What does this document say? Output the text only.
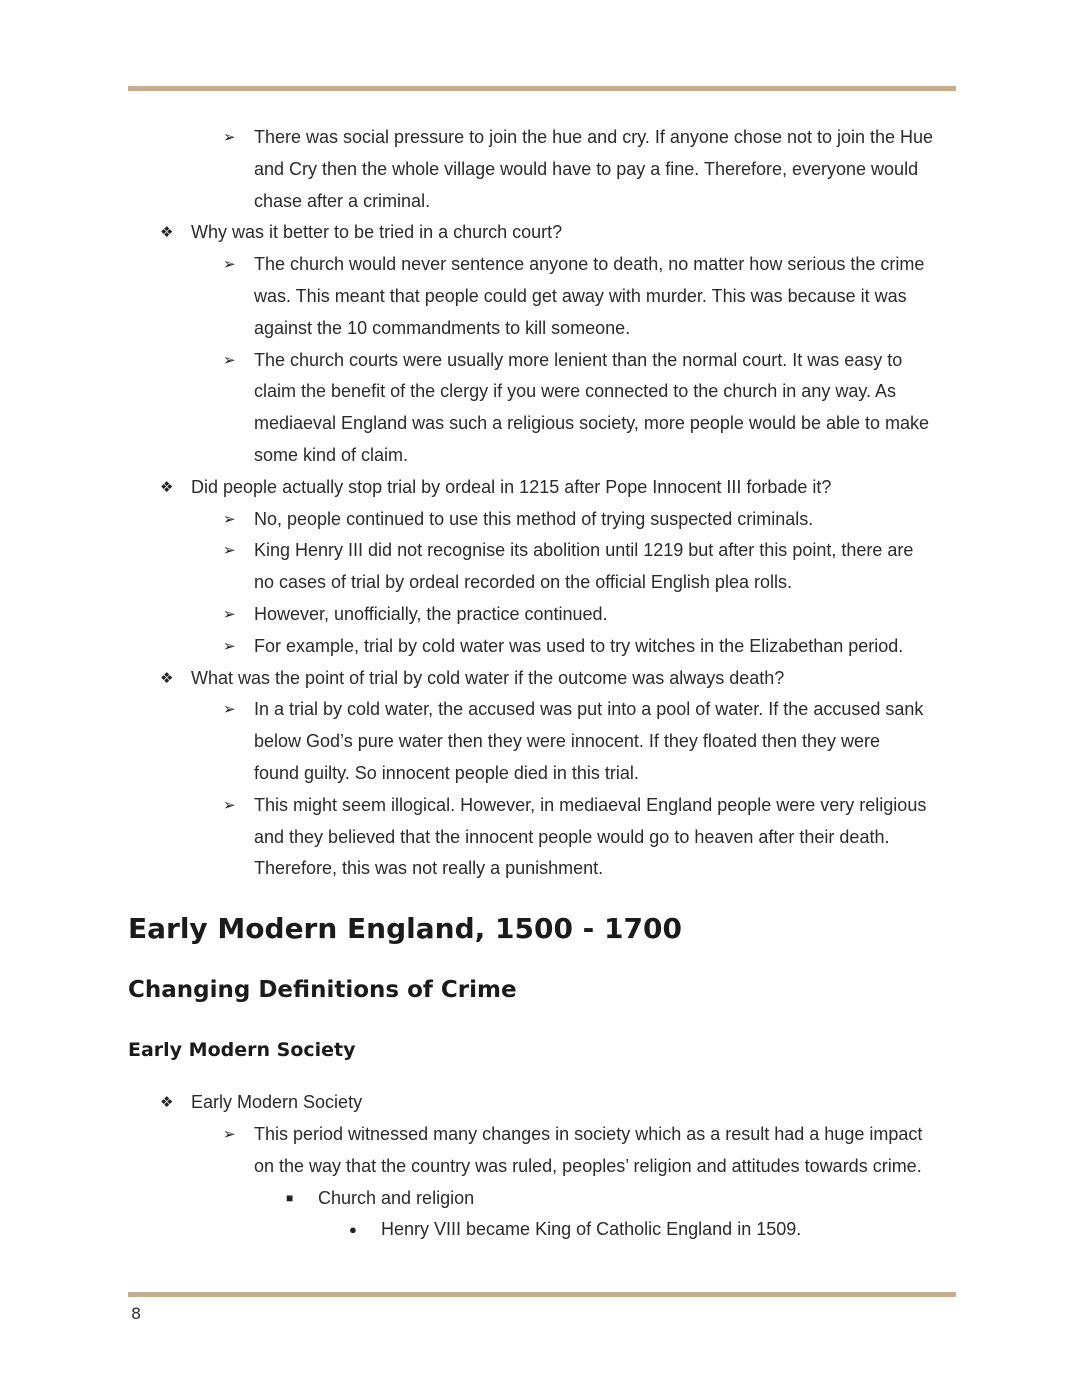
➢ There was social pressure to join the hue and cry. If anyone chose not to join the Hue
and Cry then the whole village would have to pay a fine. Therefore, everyone would
chase after a criminal.
❖ Why was it better to be tried in a church court?
➢ The church would never sentence anyone to death, no matter how serious the crime
was. This meant that people could get away with murder. This was because it was
against the 10 commandments to kill someone.
➢ The church courts were usually more lenient than the normal court. It was easy to
claim the benefit of the clergy if you were connected to the church in any way. As
mediaeval England was such a religious society, more people would be able to make
some kind of claim.
❖ Did people actually stop trial by ordeal in 1215 after Pope Innocent III forbade it?
➢ No, people continued to use this method of trying suspected criminals.
➢ King Henry III did not recognise its abolition until 1219 but after this point, there are
no cases of trial by ordeal recorded on the official English plea rolls.
➢ However, unofficially, the practice continued.
➢ For example, trial by cold water was used to try witches in the Elizabethan period.
❖ What was the point of trial by cold water if the outcome was always death?
➢ In a trial by cold water, the accused was put into a pool of water. If the accused sank
below God’s pure water then they were innocent. If they floated then they were
found guilty. So innocent people died in this trial.
➢ This might seem illogical. However, in mediaeval England people were very religious
and they believed that the innocent people would go to heaven after their death.
Therefore, this was not really a punishment.
Early Modern England, 1500 - 1700
Changing Definitions of Crime
Early Modern Society
❖ Early Modern Society
➢ This period witnessed many changes in society which as a result had a huge impact
on the way that the country was ruled, peoples’ religion and attitudes towards crime.
■ Church and religion
● Henry VIII became King of Catholic England in 1509.
8
